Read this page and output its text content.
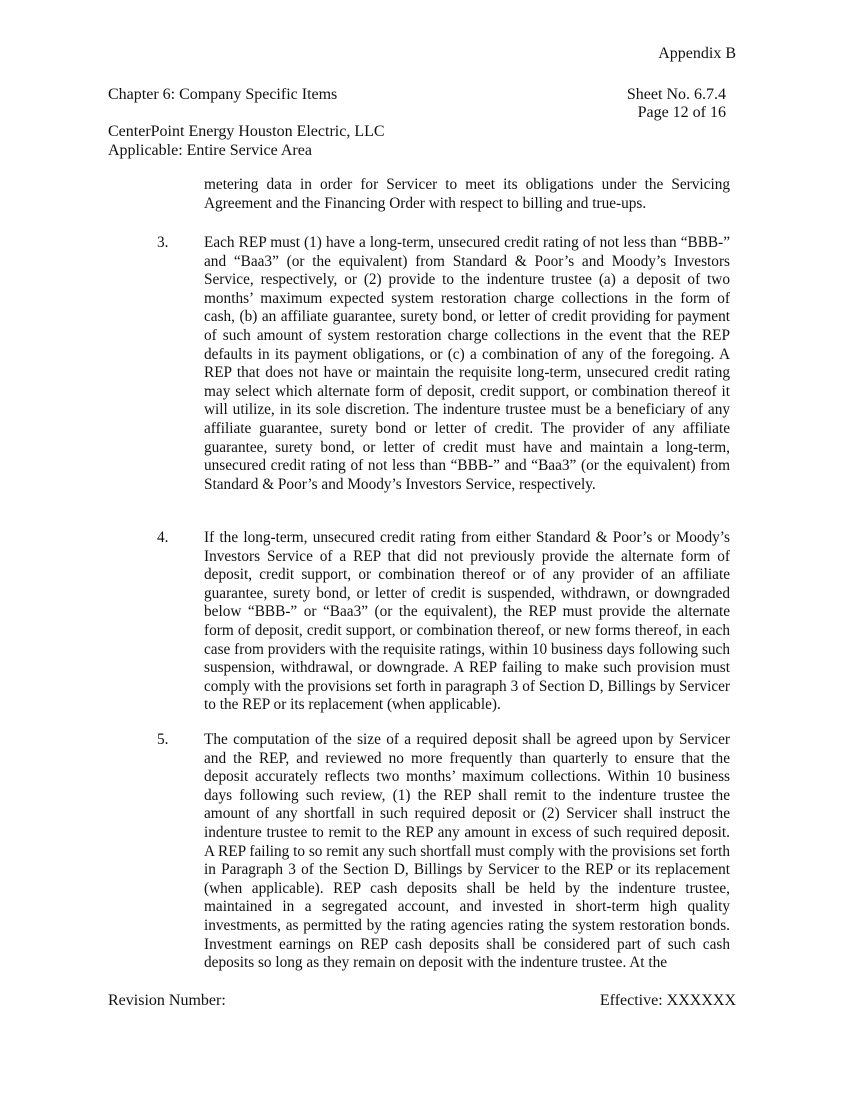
Appendix B
Chapter 6: Company Specific Items	Sheet No. 6.7.4
Page 12 of 16
CenterPoint Energy Houston Electric, LLC
Applicable: Entire Service Area
metering data in order for Servicer to meet its obligations under the Servicing Agreement and the Financing Order with respect to billing and true-ups.
3.	Each REP must (1) have a long-term, unsecured credit rating of not less than “BBB-” and “Baa3” (or the equivalent) from Standard & Poor’s and Moody’s Investors Service, respectively, or (2) provide to the indenture trustee (a) a deposit of two months’ maximum expected system restoration charge collections in the form of cash, (b) an affiliate guarantee, surety bond, or letter of credit providing for payment of such amount of system restoration charge collections in the event that the REP defaults in its payment obligations, or (c) a combination of any of the foregoing. A REP that does not have or maintain the requisite long-term, unsecured credit rating may select which alternate form of deposit, credit support, or combination thereof it will utilize, in its sole discretion. The indenture trustee must be a beneficiary of any affiliate guarantee, surety bond or letter of credit. The provider of any affiliate guarantee, surety bond, or letter of credit must have and maintain a long-term, unsecured credit rating of not less than “BBB-” and “Baa3” (or the equivalent) from Standard & Poor’s and Moody’s Investors Service, respectively.
4.	If the long-term, unsecured credit rating from either Standard & Poor’s or Moody’s Investors Service of a REP that did not previously provide the alternate form of deposit, credit support, or combination thereof or of any provider of an affiliate guarantee, surety bond, or letter of credit is suspended, withdrawn, or downgraded below “BBB-” or “Baa3” (or the equivalent), the REP must provide the alternate form of deposit, credit support, or combination thereof, or new forms thereof, in each case from providers with the requisite ratings, within 10 business days following such suspension, withdrawal, or downgrade. A REP failing to make such provision must comply with the provisions set forth in paragraph 3 of Section D, Billings by Servicer to the REP or its replacement (when applicable).
5.	The computation of the size of a required deposit shall be agreed upon by Servicer and the REP, and reviewed no more frequently than quarterly to ensure that the deposit accurately reflects two months’ maximum collections. Within 10 business days following such review, (1) the REP shall remit to the indenture trustee the amount of any shortfall in such required deposit or (2) Servicer shall instruct the indenture trustee to remit to the REP any amount in excess of such required deposit. A REP failing to so remit any such shortfall must comply with the provisions set forth in Paragraph 3 of the Section D, Billings by Servicer to the REP or its replacement (when applicable). REP cash deposits shall be held by the indenture trustee, maintained in a segregated account, and invested in short-term high quality investments, as permitted by the rating agencies rating the system restoration bonds. Investment earnings on REP cash deposits shall be considered part of such cash deposits so long as they remain on deposit with the indenture trustee. At the
Revision Number:	Effective: XXXXXX
